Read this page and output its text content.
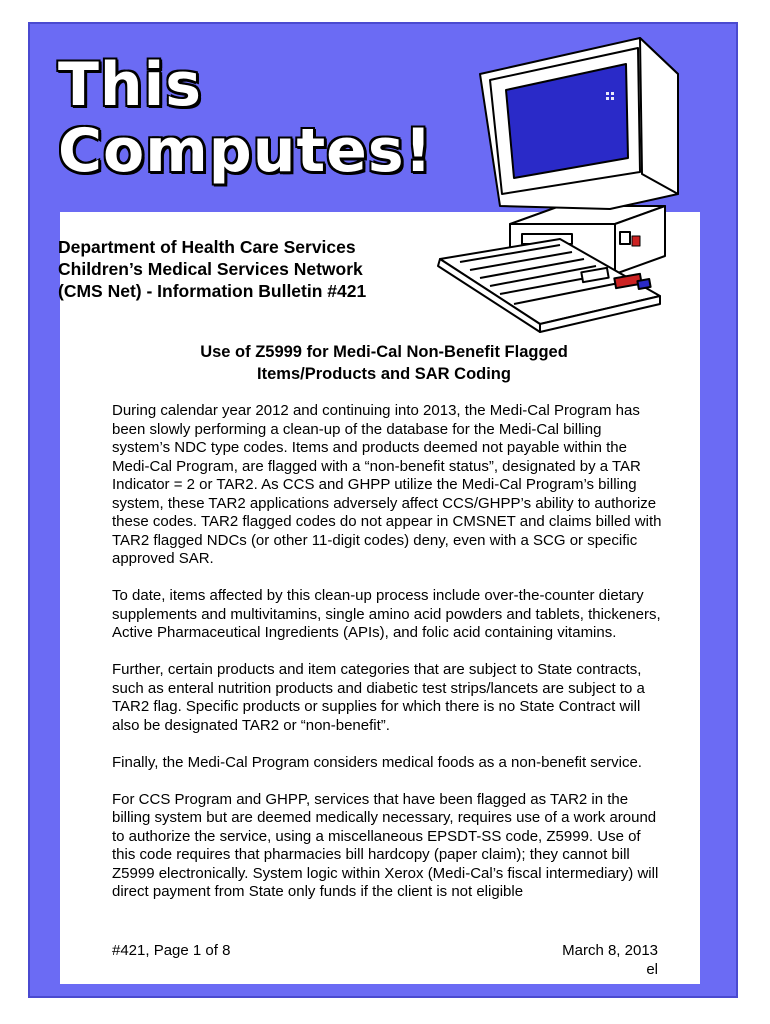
This
Computes!
Department of Health Care Services
Children’s Medical Services Network
(CMS Net) - Information Bulletin #421
Use of Z5999 for Medi-Cal Non-Benefit Flagged
Items/Products and SAR Coding

During calendar year 2012 and continuing into 2013, the Medi-Cal Program has been slowly performing a clean-up of the database for the Medi-Cal billing system’s NDC type codes. Items and products deemed not payable within the Medi-Cal Program, are flagged with a “non-benefit status”, designated by a TAR Indicator = 2 or TAR2. As CCS and GHPP utilize the Medi-Cal Program’s billing system, these TAR2 applications adversely affect CCS/GHPP’s ability to authorize these codes. TAR2 flagged codes do not appear in CMSNET and claims billed with TAR2 flagged NDCs (or other 11-digit codes) deny, even with a SCG or specific approved SAR.

To date, items affected by this clean-up process include over-the-counter dietary supplements and multivitamins, single amino acid powders and tablets, thickeners, Active Pharmaceutical Ingredients (APIs), and folic acid containing vitamins.

Further, certain products and item categories that are subject to State contracts, such as enteral nutrition products and diabetic test strips/lancets are subject to a TAR2 flag. Specific products or supplies for which there is no State Contract will also be designated TAR2 or “non-benefit”.

Finally, the Medi-Cal Program considers medical foods as a non-benefit service.

For CCS Program and GHPP, services that have been flagged as TAR2 in the billing system but are deemed medically necessary, requires use of a work around to authorize the service, using a miscellaneous EPSDT-SS code, Z5999. Use of this code requires that pharmacies bill hardcopy (paper claim); they cannot bill Z5999 electronically. System logic within Xerox (Medi-Cal’s fiscal intermediary) will direct payment from State only funds if the client is not eligible

#421, Page 1 of 8	March 8, 2013
el
